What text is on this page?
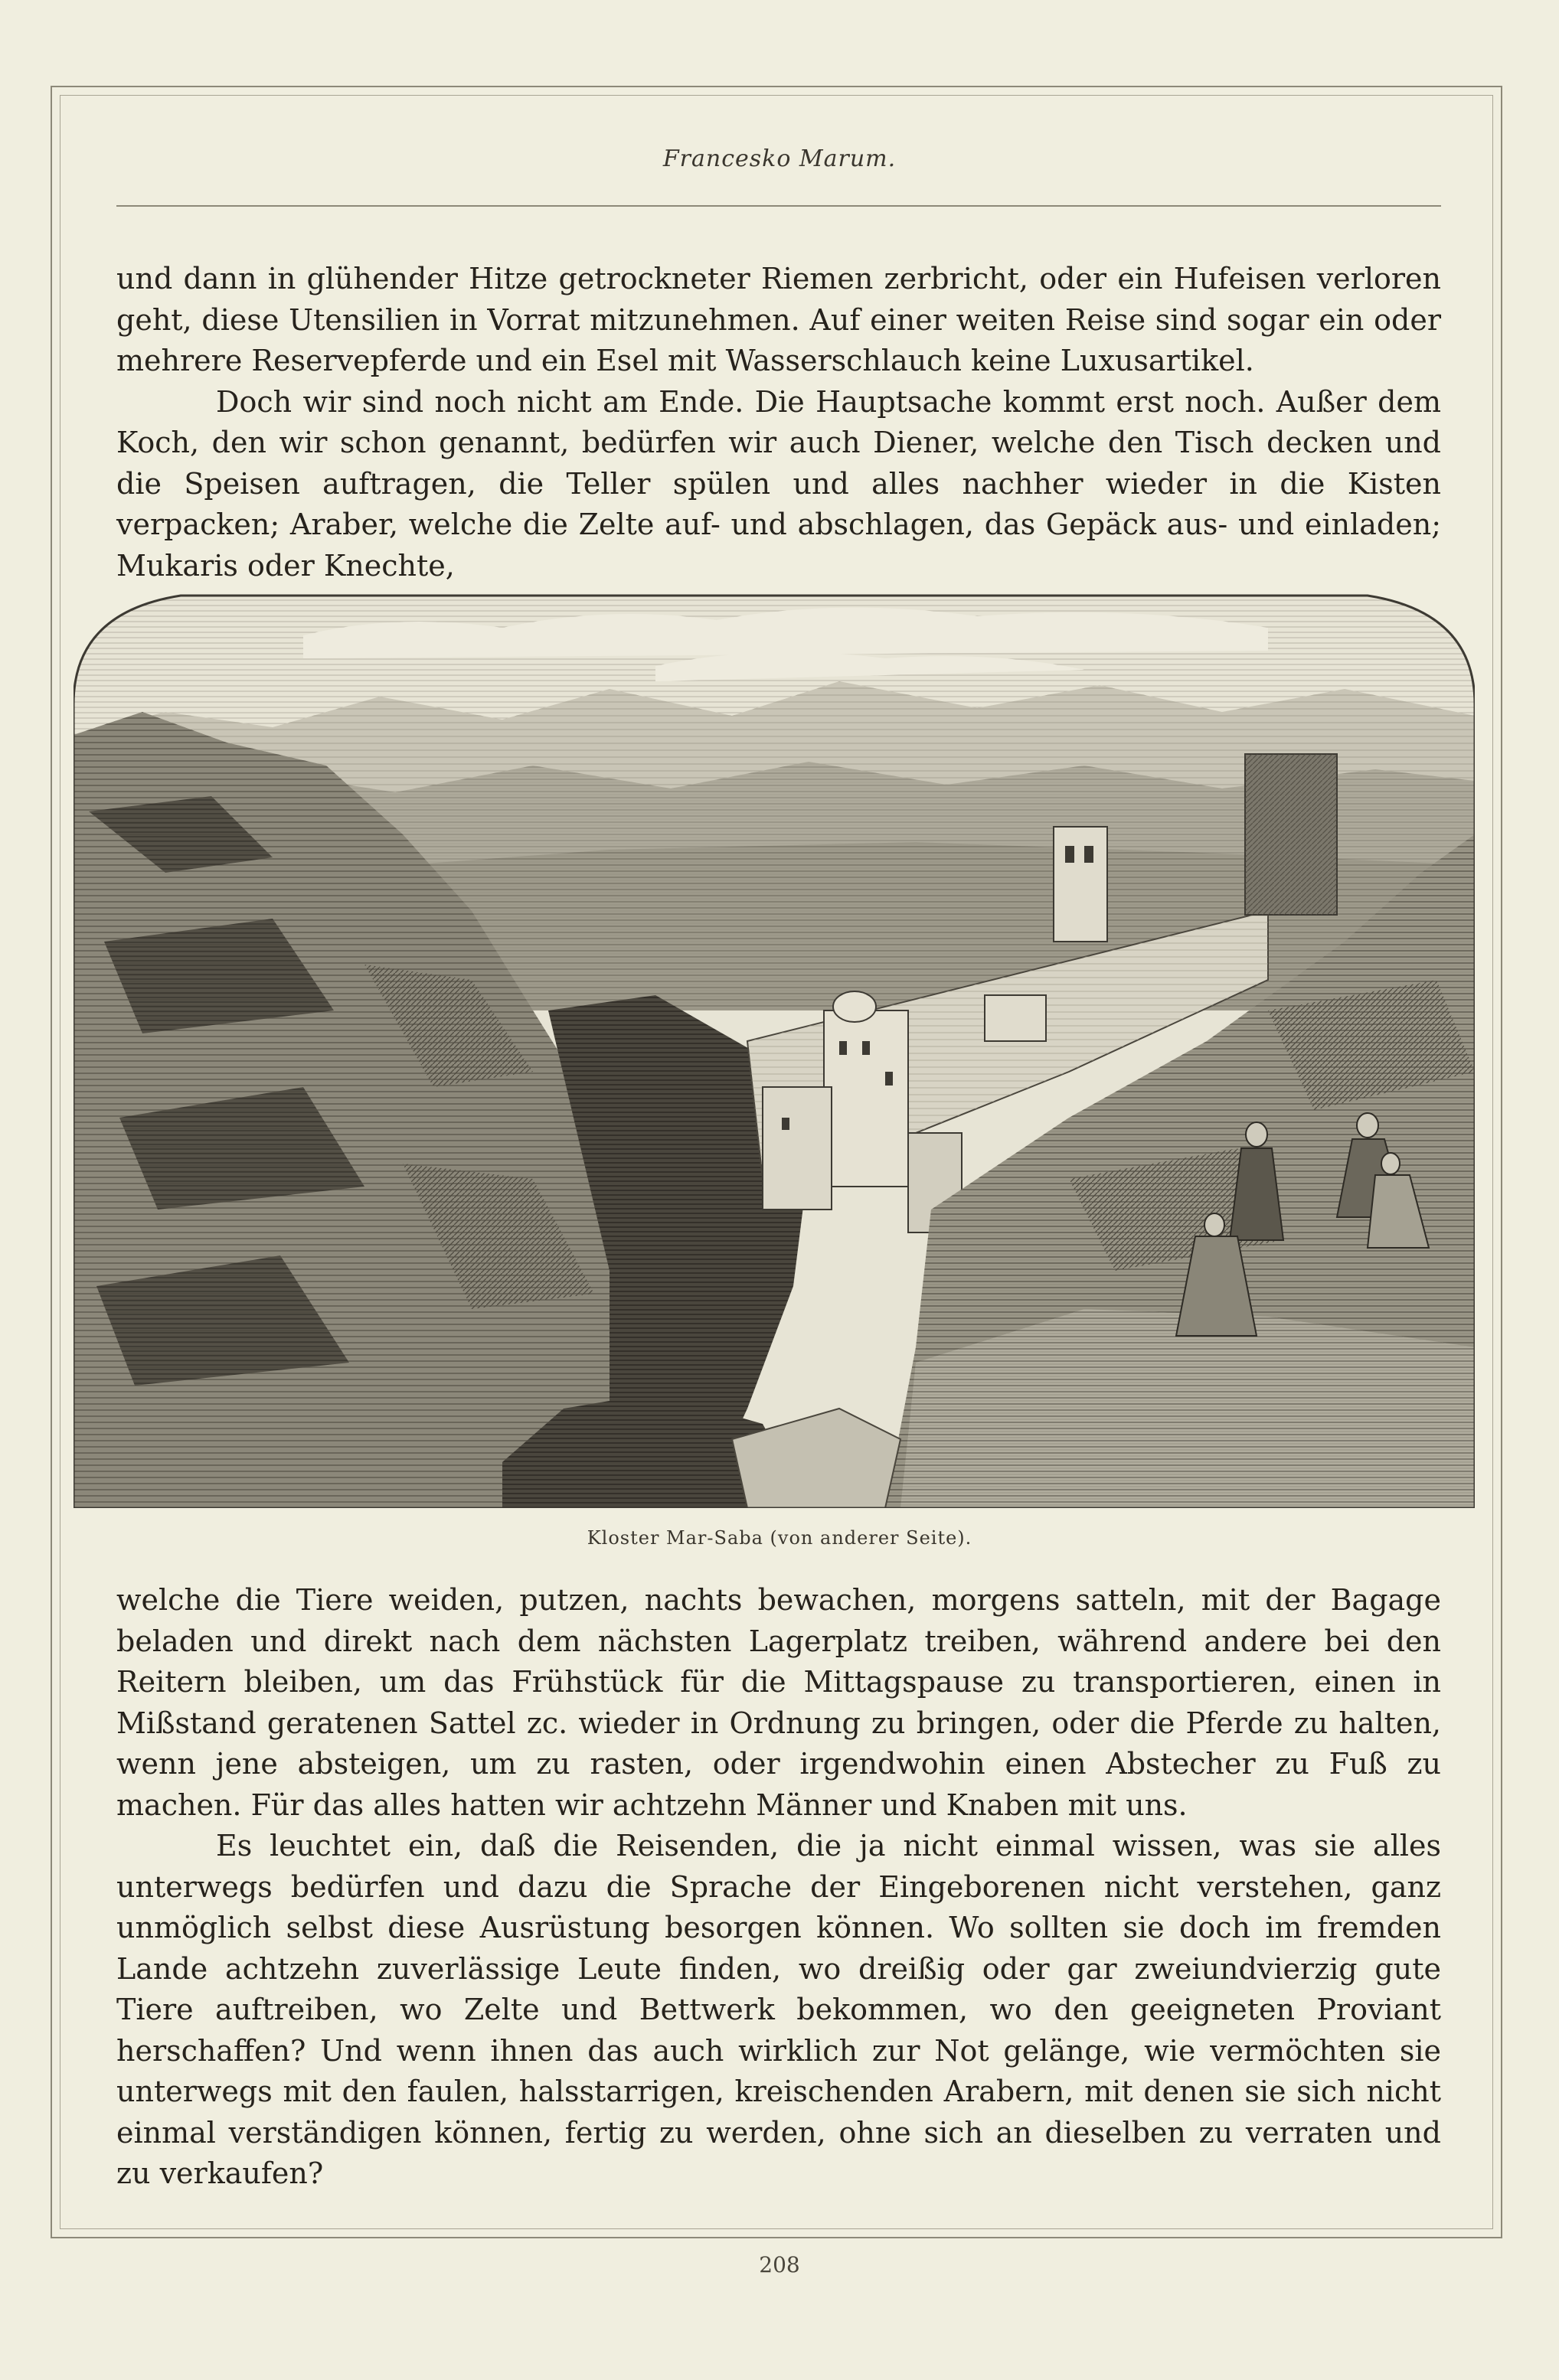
Francesko Marum.

und dann in glühender Hitze getrockneter Riemen zerbricht, oder ein Hufeisen verloren geht, diese Utensilien in Vorrat mitzunehmen. Auf einer weiten Reise sind sogar ein oder mehrere Reservepferde und ein Esel mit Wasserschlauch keine Luxusartikel.

Doch wir sind noch nicht am Ende. Die Hauptsache kommt erst noch. Außer dem Koch, den wir schon genannt, bedürfen wir auch Diener, welche den Tisch decken und die Speisen auftragen, die Teller spülen und alles nachher wieder in die Kisten verpacken; Araber, welche die Zelte auf- und abschlagen, das Gepäck aus- und einladen; Mukaris oder Knechte,

Kloster Mar-Saba (von anderer Seite).

welche die Tiere weiden, putzen, nachts bewachen, morgens satteln, mit der Bagage beladen und direkt nach dem nächsten Lagerplatz treiben, während andere bei den Reitern bleiben, um das Frühstück für die Mittagspause zu transportieren, einen in Mißstand geratenen Sattel zc. wieder in Ordnung zu bringen, oder die Pferde zu halten, wenn jene absteigen, um zu rasten, oder irgendwohin einen Abstecher zu Fuß zu machen. Für das alles hatten wir achtzehn Männer und Knaben mit uns.

Es leuchtet ein, daß die Reisenden, die ja nicht einmal wissen, was sie alles unterwegs bedürfen und dazu die Sprache der Eingeborenen nicht verstehen, ganz unmöglich selbst diese Ausrüstung besorgen können. Wo sollten sie doch im fremden Lande achtzehn zuverlässige Leute finden, wo dreißig oder gar zweiundvierzig gute Tiere auftreiben, wo Zelte und Bettwerk bekommen, wo den geeigneten Proviant herschaffen? Und wenn ihnen das auch wirklich zur Not gelänge, wie vermöchten sie unterwegs mit den faulen, halsstarrigen, kreischenden Arabern, mit denen sie sich nicht einmal verständigen können, fertig zu werden, ohne sich an dieselben zu verraten und zu verkaufen?

208
